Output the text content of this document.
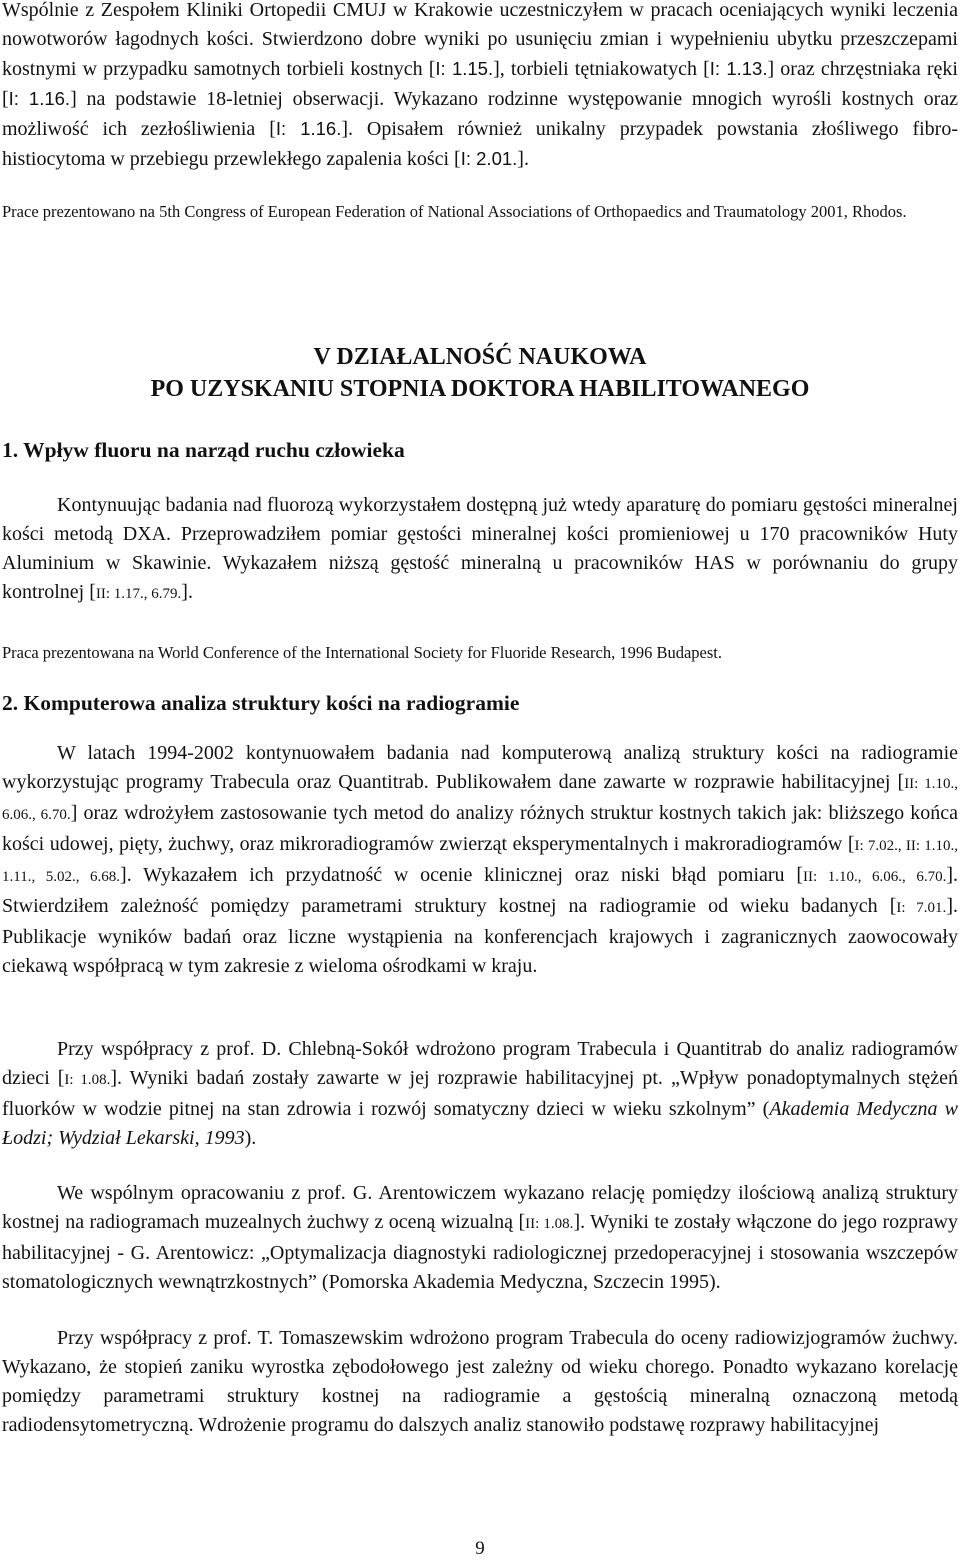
Wspólnie z Zespołem Kliniki Ortopedii CMUJ w Krakowie uczestniczyłem w pracach oceniających wyniki leczenia nowotworów łagodnych kości. Stwierdzono dobre wyniki po usunięciu zmian i wypełnieniu ubytku przeszczepami kostnymi w przypadku samotnych torbieli kostnych [I: 1.15.], torbieli tętniakowatych [I: 1.13.] oraz chrzęstniaka ręki [I: 1.16.] na podstawie 18-letniej obserwacji. Wykazano rodzinne występowanie mnogich wyrośli kostnych oraz możliwość ich zezłośliwienia [I: 1.16.]. Opisałem również unikalny przypadek powstania złośliwego fibro-histiocytoma w przebiegu przewlekłego zapalenia kości [I: 2.01.].

Prace prezentowano na 5th Congress of European Federation of National Associations of Orthopaedics and Traumatology 2001, Rhodos.

V DZIAŁALNOŚĆ NAUKOWA

PO UZYSKANIU STOPNIA DOKTORA HABILITOWANEGO

1. Wpływ fluoru na narząd ruchu człowieka

Kontynuując badania nad fluorozą wykorzystałem dostępną już wtedy aparaturę do pomiaru gęstości mineralnej kości metodą DXA. Przeprowadziłem pomiar gęstości mineralnej kości promieniowej u 170 pracowników Huty Aluminium w Skawinie. Wykazałem niższą gęstość mineralną u pracowników HAS w porównaniu do grupy kontrolnej [II: 1.17., 6.79.].

Praca prezentowana na World Conference of the International Society for Fluoride Research, 1996 Budapest.

2. Komputerowa analiza struktury kości na radiogramie

W latach 1994-2002 kontynuowałem badania nad komputerową analizą struktury kości na radiogramie wykorzystując programy Trabecula oraz Quantitrab. Publikowałem dane zawarte w rozprawie habilitacyjnej [II: 1.10., 6.06., 6.70.] oraz wdrożyłem zastosowanie tych metod do analizy różnych struktur kostnych takich jak: bliższego końca kości udowej, pięty, żuchwy, oraz mikroradiogramów zwierząt eksperymentalnych i makroradiogramów [I: 7.02., II: 1.10., 1.11., 5.02., 6.68.]. Wykazałem ich przydatność w ocenie klinicznej oraz niski błąd pomiaru [II: 1.10., 6.06., 6.70.]. Stwierdziłem zależność pomiędzy parametrami struktury kostnej na radiogramie od wieku badanych [I: 7.01.]. Publikacje wyników badań oraz liczne wystąpienia na konferencjach krajowych i zagranicznych zaowocowały ciekawą współpracą w tym zakresie z wieloma ośrodkami w kraju.

Przy współpracy z prof. D. Chlebną-Sokół wdrożono program Trabecula i Quantitrab do analiz radiogramów dzieci [I: 1.08.]. Wyniki badań zostały zawarte w jej rozprawie habilitacyjnej pt. „Wpływ ponadoptymalnych stężeń fluorków w wodzie pitnej na stan zdrowia i rozwój somatyczny dzieci w wieku szkolnym” (Akademia Medyczna w Łodzi; Wydział Lekarski, 1993).

We wspólnym opracowaniu z prof. G. Arentowiczem wykazano relację pomiędzy ilościową analizą struktury kostnej na radiogramach muzealnych żuchwy z oceną wizualną [II: 1.08.]. Wyniki te zostały włączone do jego rozprawy habilitacyjnej - G. Arentowicz: „Optymalizacja diagnostyki radiologicznej przedoperacyjnej i stosowania wszczepów stomatologicznych wewnątrzkostnych” (Pomorska Akademia Medyczna, Szczecin 1995).

Przy współpracy z prof. T. Tomaszewskim wdrożono program Trabecula do oceny radiowizjogramów żuchwy. Wykazano, że stopień zaniku wyrostka zębodołowego jest zależny od wieku chorego. Ponadto wykazano korelację pomiędzy parametrami struktury kostnej na radiogramie a gęstością mineralną oznaczoną metodą radiodensytometryczną. Wdrożenie programu do dalszych analiz stanowiło podstawę rozprawy habilitacyjnej

9
